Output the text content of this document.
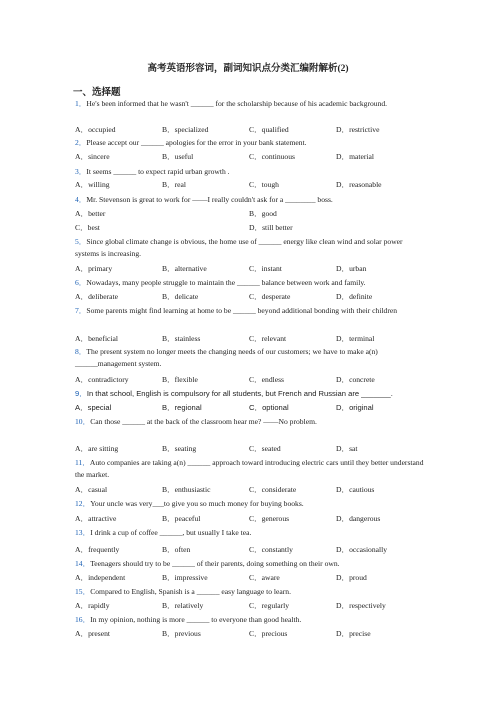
高考英语形容词，副词知识点分类汇编附解析(2)
一、选择题
1．He's been informed that he wasn't ______ for the scholarship because of his academic background.
A．occupied	B．specialized	C．qualified	D．restrictive
2．Please accept our ______ apologies for the error in your bank statement.
A．sincere	B．useful	C．continuous	D．material
3．It seems ______ to expect rapid urban growth .
A．willing	B．real	C．tough	D．reasonable
4．Mr. Stevenson is great to work for ——I really couldn't ask for a ________ boss.
A．better	B．good
C．best	D．still better
5．Since global climate change is obvious, the home use of ______ energy like clean wind and solar power systems is increasing.
A．primary	B．alternative	C．instant	D．urban
6．Nowadays, many people struggle to maintain the ______ balance between work and family.
A．deliberate	B．delicate	C．desperate	D．definite
7．Some parents might find learning at home to be ______ beyond additional bonding with their children
A．beneficial	B．stainless	C．relevant	D．terminal
8．The present system no longer meets the changing needs of our customers; we have to make a(n) ______management system.
A．contradictory	B．flexible	C．endless	D．concrete
9．In that school, English is compulsory for all students, but French and Russian are _______.
A．special	B．regional	C．optional	D．original
10．Can those ______ at the back of the classroom hear me? ——No problem.
A．are sitting	B．seating	C．seated	D．sat
11．Auto companies are taking a(n) ______ approach toward introducing electric cars until they better understand the market.
A．casual	B．enthusiastic	C．considerate	D．cautious
12．Your uncle was very___to give you so much money for buying books.
A．attractive	B．peaceful	C．generous	D．dangerous
13．I drink a cup of coffee ______, but usually I take tea.
A．frequently	B．often	C．constantly	D．occasionally
14．Teenagers should try to be ______ of their parents, doing something on their own.
A．independent	B．impressive	C．aware	D．proud
15．Compared to English, Spanish is a ______ easy language to learn.
A．rapidly	B．relatively	C．regularly	D．respectively
16．In my opinion, nothing is more ______ to everyone than good health.
A．present	B．previous	C．precious	D．precise
